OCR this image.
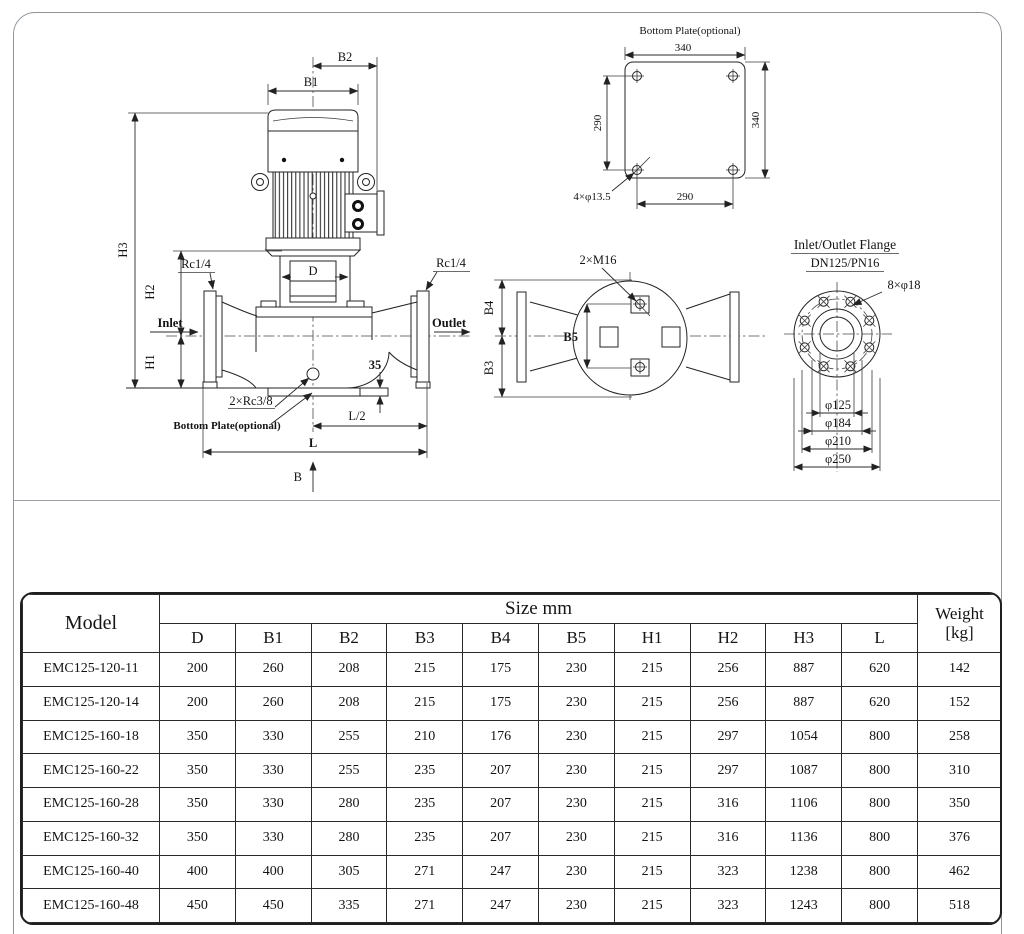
D
B2
B1
H3
H2
H1
Rc1/4
Inlet
Rc1/4
Outlet
35
2×Rc3/8
Bottom Plate(optional)
L/2
L
B
Bottom Plate(optional)
340
290	340
290
4×φ13.5
B4
B3
B5
2×M16
Inlet/Outlet Flange
DN125/PN16
8×φ18
φ125
φ184
φ210
φ250
Model	Size mm										Weight
[kg]
	D	B1	B2	B3	B4	B5	H1	H2	H3	L	
EMC125-120-11	200	260	208	215	175	230	215	256	887	620	142
EMC125-120-14	200	260	208	215	175	230	215	256	887	620	152
EMC125-160-18	350	330	255	210	176	230	215	297	1054	800	258
EMC125-160-22	350	330	255	235	207	230	215	297	1087	800	310
EMC125-160-28	350	330	280	235	207	230	215	316	1106	800	350
EMC125-160-32	350	330	280	235	207	230	215	316	1136	800	376
EMC125-160-40	400	400	305	271	247	230	215	323	1238	800	462
EMC125-160-48	450	450	335	271	247	230	215	323	1243	800	518
